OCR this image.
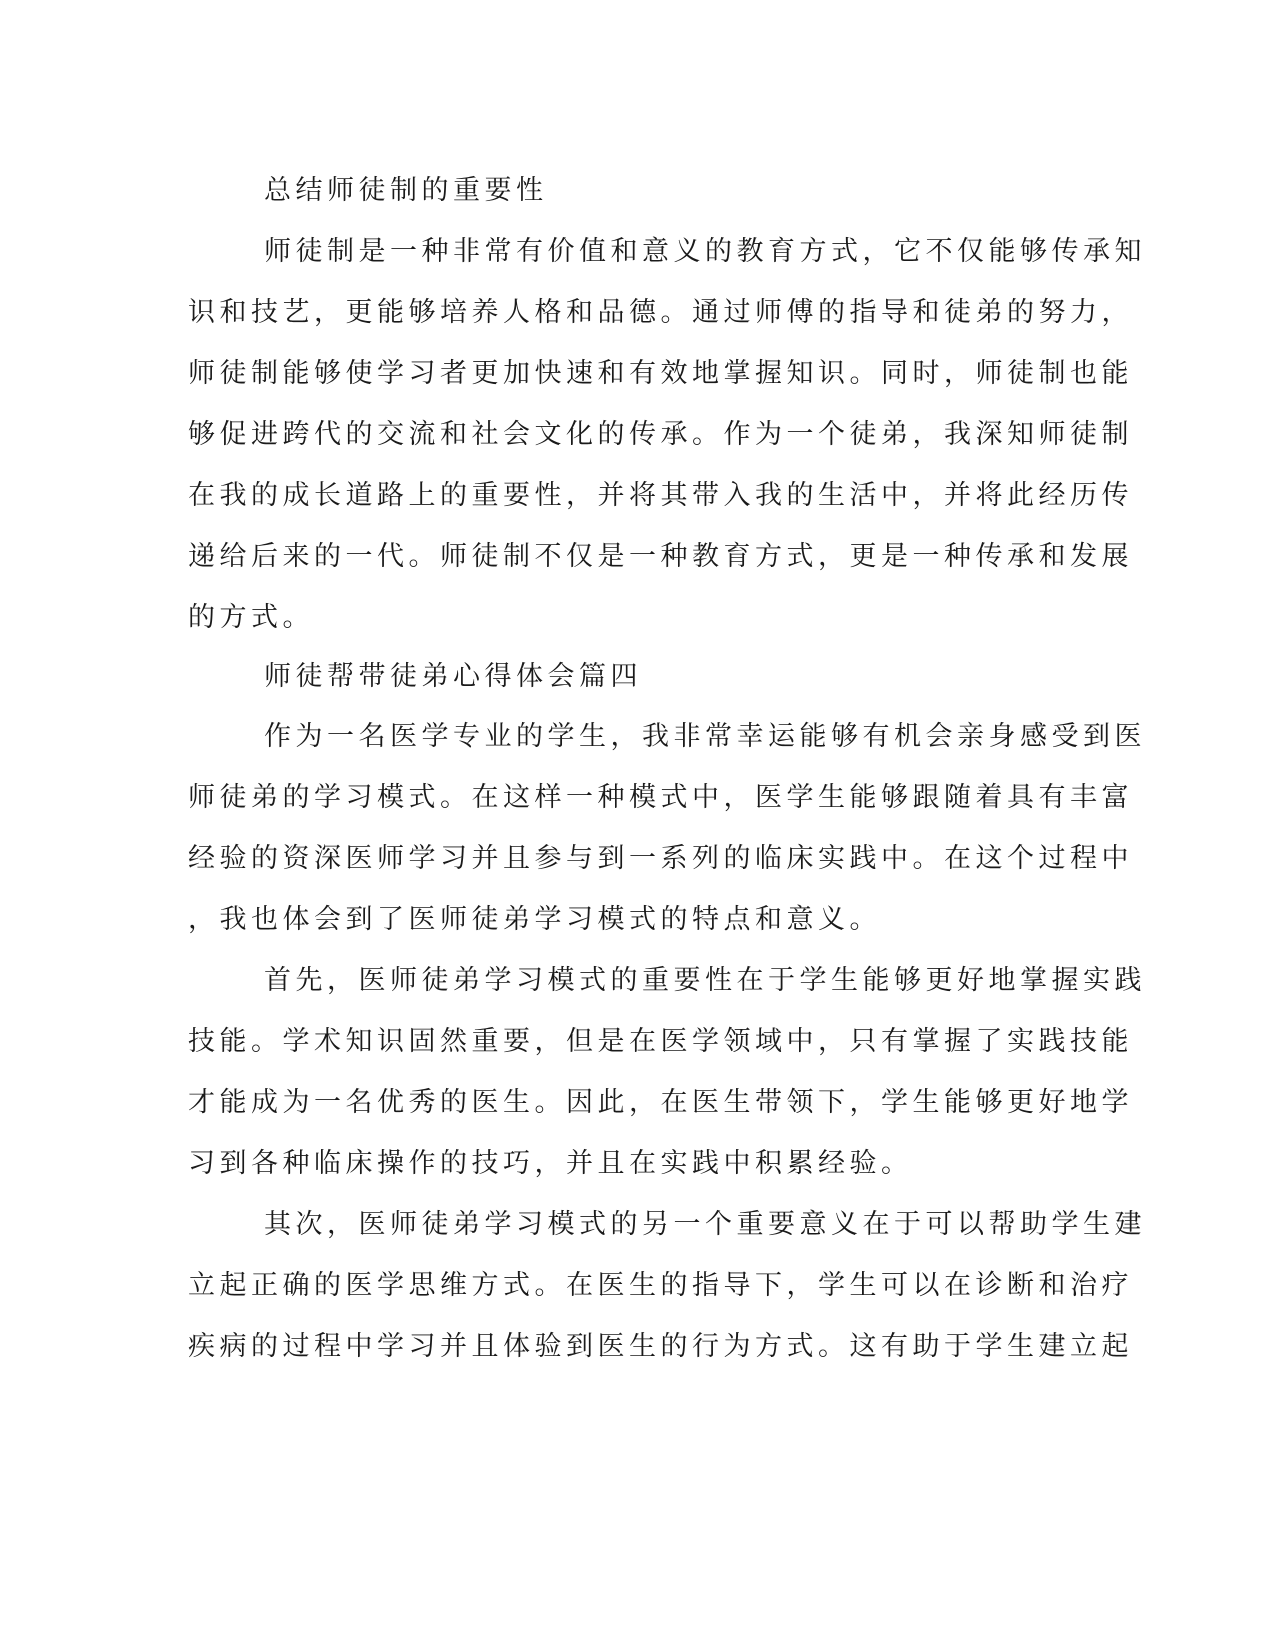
总结师徒制的重要性
师徒制是一种非常有价值和意义的教育方式，它不仅能够传承知
识和技艺，更能够培养人格和品德。通过师傅的指导和徒弟的努力，
师徒制能够使学习者更加快速和有效地掌握知识。同时，师徒制也能
够促进跨代的交流和社会文化的传承。作为一个徒弟，我深知师徒制
在我的成长道路上的重要性，并将其带入我的生活中，并将此经历传
递给后来的一代。师徒制不仅是一种教育方式，更是一种传承和发展
的方式。
师徒帮带徒弟心得体会篇四
作为一名医学专业的学生，我非常幸运能够有机会亲身感受到医
师徒弟的学习模式。在这样一种模式中，医学生能够跟随着具有丰富
经验的资深医师学习并且参与到一系列的临床实践中。在这个过程中
，我也体会到了医师徒弟学习模式的特点和意义。
首先，医师徒弟学习模式的重要性在于学生能够更好地掌握实践
技能。学术知识固然重要，但是在医学领域中，只有掌握了实践技能
才能成为一名优秀的医生。因此，在医生带领下，学生能够更好地学
习到各种临床操作的技巧，并且在实践中积累经验。
其次，医师徒弟学习模式的另一个重要意义在于可以帮助学生建
立起正确的医学思维方式。在医生的指导下，学生可以在诊断和治疗
疾病的过程中学习并且体验到医生的行为方式。这有助于学生建立起
